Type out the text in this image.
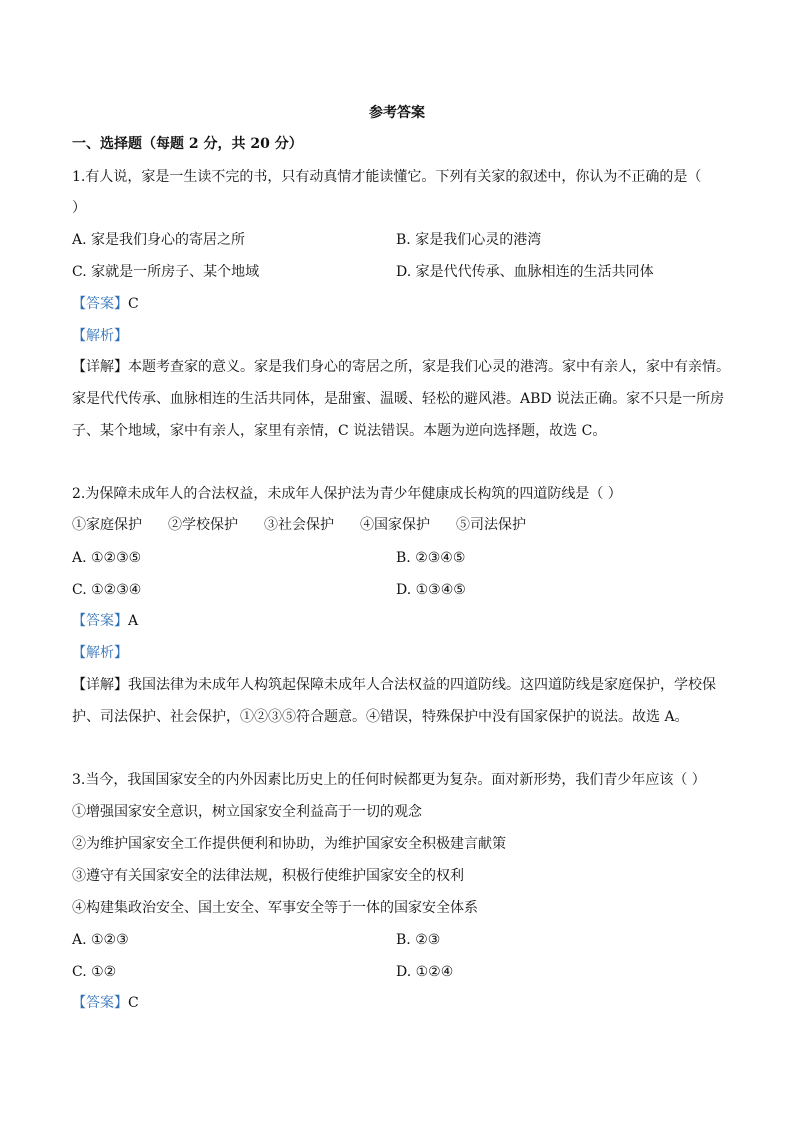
参考答案
一、选择题（每题 2 分，共 20 分）
1.有人说，家是一生读不完的书，只有动真情才能读懂它。下列有关家的叙述中，你认为不正确的是（
）
A. 家是我们身心的寄居之所	B. 家是我们心灵的港湾
C. 家就是一所房子、某个地域	D. 家是代代传承、血脉相连的生活共同体
【答案】C
【解析】
【详解】本题考查家的意义。家是我们身心的寄居之所，家是我们心灵的港湾。家中有亲人，家中有亲情。
家是代代传承、血脉相连的生活共同体，是甜蜜、温暖、轻松的避风港。ABD 说法正确。家不只是一所房
子、某个地域，家中有亲人，家里有亲情，C 说法错误。本题为逆向选择题，故选 C。
2.为保障未成年人的合法权益，未成年人保护法为青少年健康成长构筑的四道防线是（ ）
①家庭保护 ②学校保护 ③社会保护 ④国家保护 ⑤司法保护
A. ①②③⑤	B. ②③④⑤
C. ①②③④	D. ①③④⑤
【答案】A
【解析】
【详解】我国法律为未成年人构筑起保障未成年人合法权益的四道防线。这四道防线是家庭保护，学校保
护、司法保护、社会保护，①②③⑤符合题意。④错误，特殊保护中没有国家保护的说法。故选 A。
3.当今，我国国家安全的内外因素比历史上的任何时候都更为复杂。面对新形势，我们青少年应该（ ）
①增强国家安全意识，树立国家安全利益高于一切的观念
②为维护国家安全工作提供便利和协助，为维护国家安全积极建言献策
③遵守有关国家安全的法律法规，积极行使维护国家安全的权利
④构建集政治安全、国土安全、军事安全等于一体的国家安全体系
A. ①②③	B. ②③
C. ①②	D. ①②④
【答案】C
